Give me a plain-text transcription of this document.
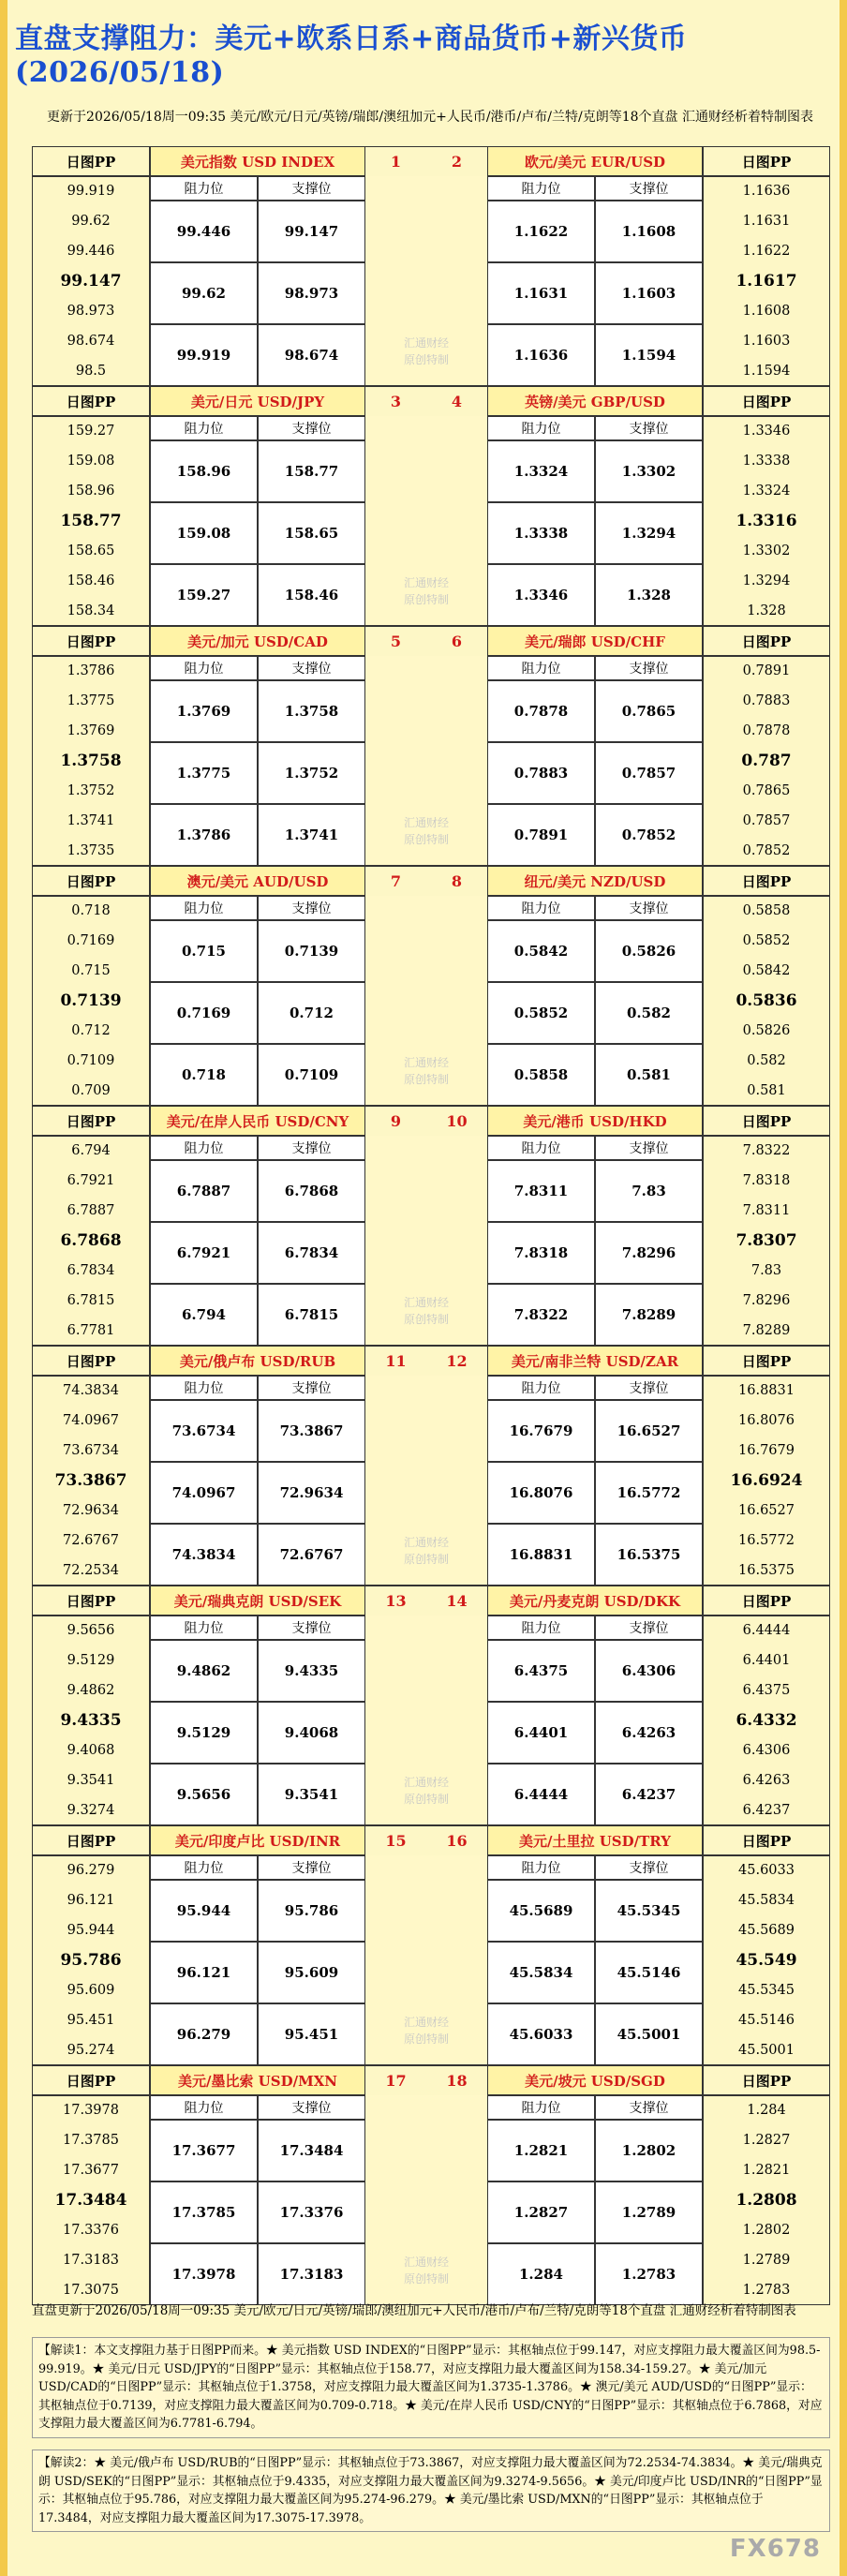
直盘支撑阻力：美元+欧系日系+商品货币+新兴货币(2026/05/18)
更新于2026/05/18周一09:35 美元/欧元/日元/英镑/瑞郎/澳纽加元+人民币/港币/卢布/兰特/克朗等18个直盘 汇通财经析着特制图表
日图PP	日图PP
美元指数 USD INDEX	欧元/美元 EUR/USD
1	2
汇通财经
原创特制
阻力位	支撑位	阻力位	支撑位
99.446	99.147	1.1622	1.1608
99.62	98.973	1.1631	1.1603
99.919	98.674	1.1636	1.1594
99.919	1.1636
99.62	1.1631
99.446	1.1622
99.147	1.1617
98.973	1.1608
98.674	1.1603
98.5	1.1594
日图PP	日图PP
美元/日元 USD/JPY	英镑/美元 GBP/USD
3	4
汇通财经
原创特制
阻力位	支撑位	阻力位	支撑位
158.96	158.77	1.3324	1.3302
159.08	158.65	1.3338	1.3294
159.27	158.46	1.3346	1.328
159.27	1.3346
159.08	1.3338
158.96	1.3324
158.77	1.3316
158.65	1.3302
158.46	1.3294
158.34	1.328
日图PP	日图PP
美元/加元 USD/CAD	美元/瑞郎 USD/CHF
5	6
汇通财经
原创特制
阻力位	支撑位	阻力位	支撑位
1.3769	1.3758	0.7878	0.7865
1.3775	1.3752	0.7883	0.7857
1.3786	1.3741	0.7891	0.7852
1.3786	0.7891
1.3775	0.7883
1.3769	0.7878
1.3758	0.787
1.3752	0.7865
1.3741	0.7857
1.3735	0.7852
日图PP	日图PP
澳元/美元 AUD/USD	纽元/美元 NZD/USD
7	8
汇通财经
原创特制
阻力位	支撑位	阻力位	支撑位
0.715	0.7139	0.5842	0.5826
0.7169	0.712	0.5852	0.582
0.718	0.7109	0.5858	0.581
0.718	0.5858
0.7169	0.5852
0.715	0.5842
0.7139	0.5836
0.712	0.5826
0.7109	0.582
0.709	0.581
日图PP	日图PP
美元/在岸人民币 USD/CNY	美元/港币 USD/HKD
9	10
汇通财经
原创特制
阻力位	支撑位	阻力位	支撑位
6.7887	6.7868	7.8311	7.83
6.7921	6.7834	7.8318	7.8296
6.794	6.7815	7.8322	7.8289
6.794	7.8322
6.7921	7.8318
6.7887	7.8311
6.7868	7.8307
6.7834	7.83
6.7815	7.8296
6.7781	7.8289
日图PP	日图PP
美元/俄卢布 USD/RUB	美元/南非兰特 USD/ZAR
11	12
汇通财经
原创特制
阻力位	支撑位	阻力位	支撑位
73.6734	73.3867	16.7679	16.6527
74.0967	72.9634	16.8076	16.5772
74.3834	72.6767	16.8831	16.5375
74.3834	16.8831
74.0967	16.8076
73.6734	16.7679
73.3867	16.6924
72.9634	16.6527
72.6767	16.5772
72.2534	16.5375
日图PP	日图PP
美元/瑞典克朗 USD/SEK	美元/丹麦克朗 USD/DKK
13	14
汇通财经
原创特制
阻力位	支撑位	阻力位	支撑位
9.4862	9.4335	6.4375	6.4306
9.5129	9.4068	6.4401	6.4263
9.5656	9.3541	6.4444	6.4237
9.5656	6.4444
9.5129	6.4401
9.4862	6.4375
9.4335	6.4332
9.4068	6.4306
9.3541	6.4263
9.3274	6.4237
日图PP	日图PP
美元/印度卢比 USD/INR	美元/土里拉 USD/TRY
15	16
汇通财经
原创特制
阻力位	支撑位	阻力位	支撑位
95.944	95.786	45.5689	45.5345
96.121	95.609	45.5834	45.5146
96.279	95.451	45.6033	45.5001
96.279	45.6033
96.121	45.5834
95.944	45.5689
95.786	45.549
95.609	45.5345
95.451	45.5146
95.274	45.5001
日图PP	日图PP
美元/墨比索 USD/MXN	美元/坡元 USD/SGD
17	18
汇通财经
原创特制
阻力位	支撑位	阻力位	支撑位
17.3677	17.3484	1.2821	1.2802
17.3785	17.3376	1.2827	1.2789
17.3978	17.3183	1.284	1.2783
17.3978	1.284
17.3785	1.2827
17.3677	1.2821
17.3484	1.2808
17.3376	1.2802
17.3183	1.2789
17.3075	1.2783
直盘更新于2026/05/18周一09:35 美元/欧元/日元/英镑/瑞郎/澳纽加元+人民币/港币/卢布/兰特/克朗等18个直盘 汇通财经析着特制图表
【解读1：本文支撑阻力基于日图PP而来。★ 美元指数 USD INDEX的“日图PP”显示：其枢轴点位于99.147，对应支撑阻力最大覆盖区间为98.5-99.919。★ 美元/日元 USD/JPY的“日图PP”显示：其枢轴点位于158.77，对应支撑阻力最大覆盖区间为158.34-159.27。★ 美元/加元 USD/CAD的“日图PP”显示：其枢轴点位于1.3758，对应支撑阻力最大覆盖区间为1.3735-1.3786。★ 澳元/美元 AUD/USD的“日图PP”显示：其枢轴点位于0.7139，对应支撑阻力最大覆盖区间为0.709-0.718。★ 美元/在岸人民币 USD/CNY的“日图PP”显示：其枢轴点位于6.7868，对应支撑阻力最大覆盖区间为6.7781-6.794。
【解读2：★ 美元/俄卢布 USD/RUB的“日图PP”显示：其枢轴点位于73.3867，对应支撑阻力最大覆盖区间为72.2534-74.3834。★ 美元/瑞典克朗 USD/SEK的“日图PP”显示：其枢轴点位于9.4335，对应支撑阻力最大覆盖区间为9.3274-9.5656。★ 美元/印度卢比 USD/INR的“日图PP”显示：其枢轴点位于95.786，对应支撑阻力最大覆盖区间为95.274-96.279。★ 美元/墨比索 USD/MXN的“日图PP”显示：其枢轴点位于17.3484，对应支撑阻力最大覆盖区间为17.3075-17.3978。
FX678
